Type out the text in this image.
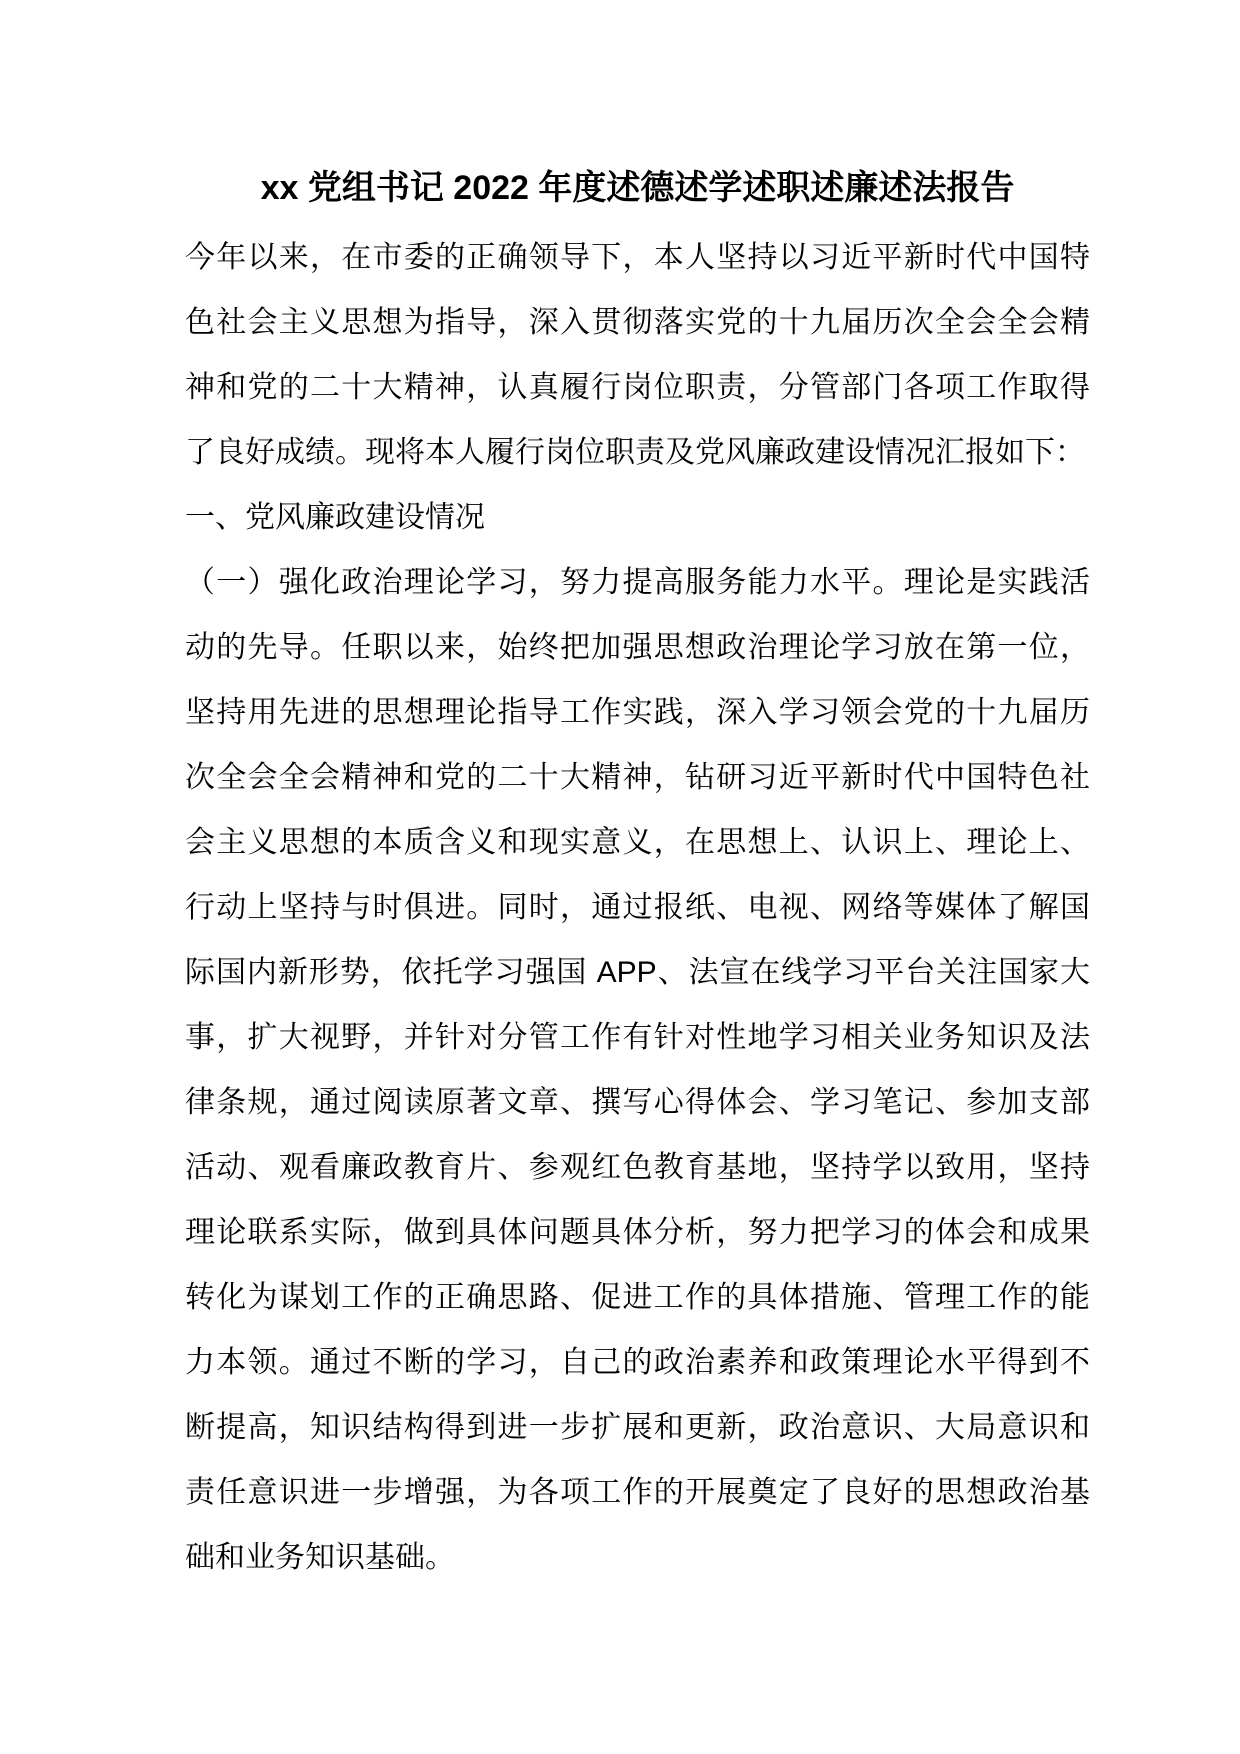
xx 党组书记 2022 年度述德述学述职述廉述法报告
今年以来，在市委的正确领导下，本人坚持以习近平新时代中国特
色社会主义思想为指导，深入贯彻落实党的十九届历次全会全会精
神和党的二十大精神，认真履行岗位职责，分管部门各项工作取得
了良好成绩。现将本人履行岗位职责及党风廉政建设情况汇报如下：
一、党风廉政建设情况
（一）强化政治理论学习，努力提高服务能力水平。理论是实践活
动的先导。任职以来，始终把加强思想政治理论学习放在第一位，
坚持用先进的思想理论指导工作实践，深入学习领会党的十九届历
次全会全会精神和党的二十大精神，钻研习近平新时代中国特色社
会主义思想的本质含义和现实意义，在思想上、认识上、理论上、
行动上坚持与时俱进。同时，通过报纸、电视、网络等媒体了解国
际国内新形势，依托学习强国 APP、法宣在线学习平台关注国家大
事，扩大视野，并针对分管工作有针对性地学习相关业务知识及法
律条规，通过阅读原著文章、撰写心得体会、学习笔记、参加支部
活动、观看廉政教育片、参观红色教育基地，坚持学以致用，坚持
理论联系实际，做到具体问题具体分析，努力把学习的体会和成果
转化为谋划工作的正确思路、促进工作的具体措施、管理工作的能
力本领。通过不断的学习，自己的政治素养和政策理论水平得到不
断提高，知识结构得到进一步扩展和更新，政治意识、大局意识和
责任意识进一步增强，为各项工作的开展奠定了良好的思想政治基
础和业务知识基础。
